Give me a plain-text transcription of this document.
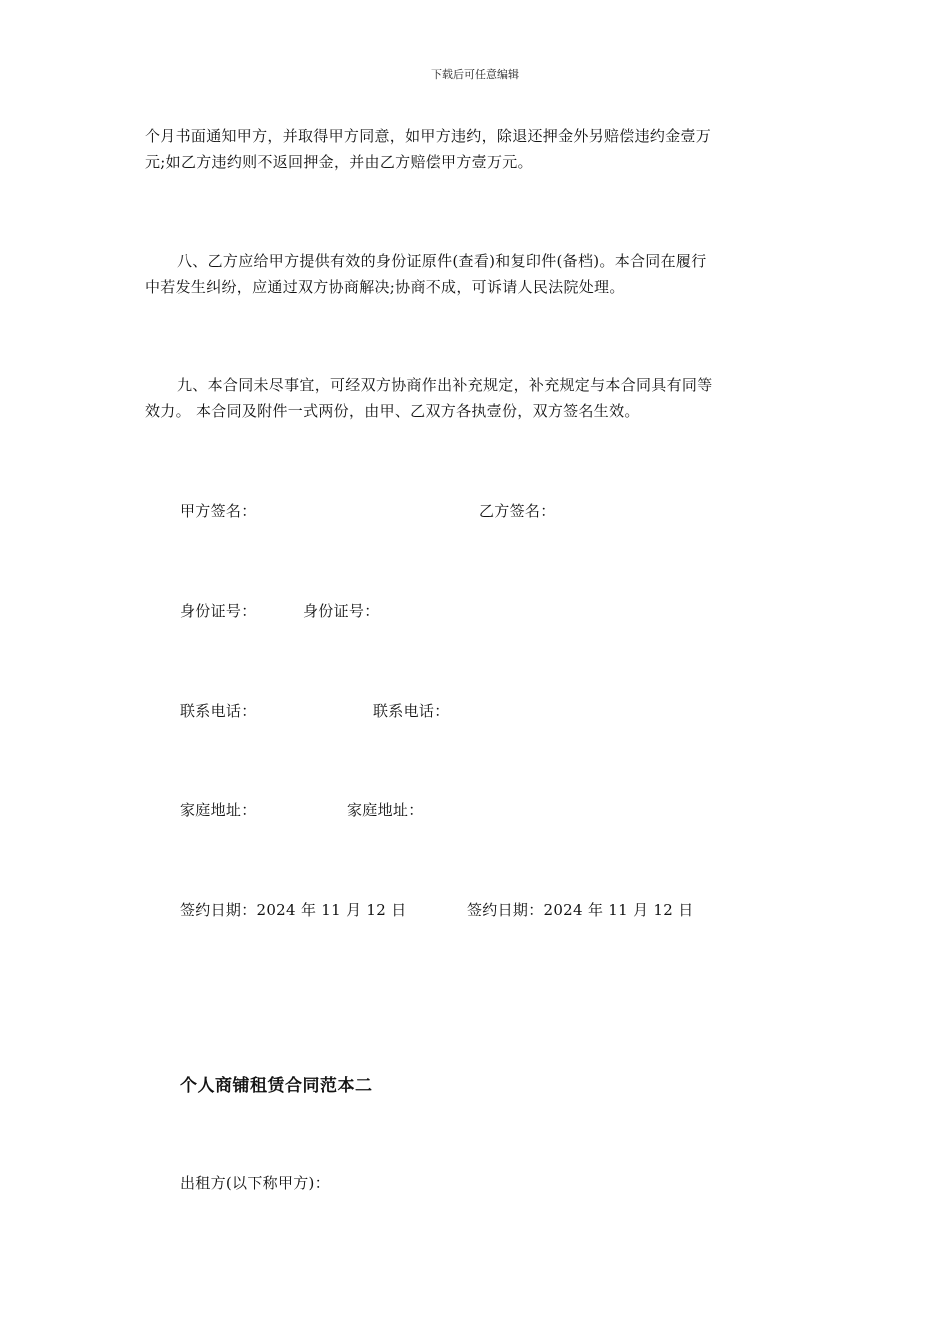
下载后可任意编辑
个月书面通知甲方，并取得甲方同意，如甲方违约，除退还押金外另赔偿违约金壹万
元;如乙方违约则不返回押金，并由乙方赔偿甲方壹万元。
八、乙方应给甲方提供有效的身份证原件(查看)和复印件(备档)。本合同在履行
中若发生纠纷，应通过双方协商解决;协商不成，可诉请人民法院处理。
九、本合同未尽事宜，可经双方协商作出补充规定，补充规定与本合同具有同等
效力。 本合同及附件一式两份，由甲、乙双方各执壹份，双方签名生效。
甲方签名：	乙方签名：
身份证号：	身份证号：
联系电话：	联系电话：
家庭地址：	家庭地址：
签约日期：2024 年 11 月 12 日	签约日期：2024 年 11 月 12 日
个人商铺租赁合同范本二
出租方(以下称甲方)：
